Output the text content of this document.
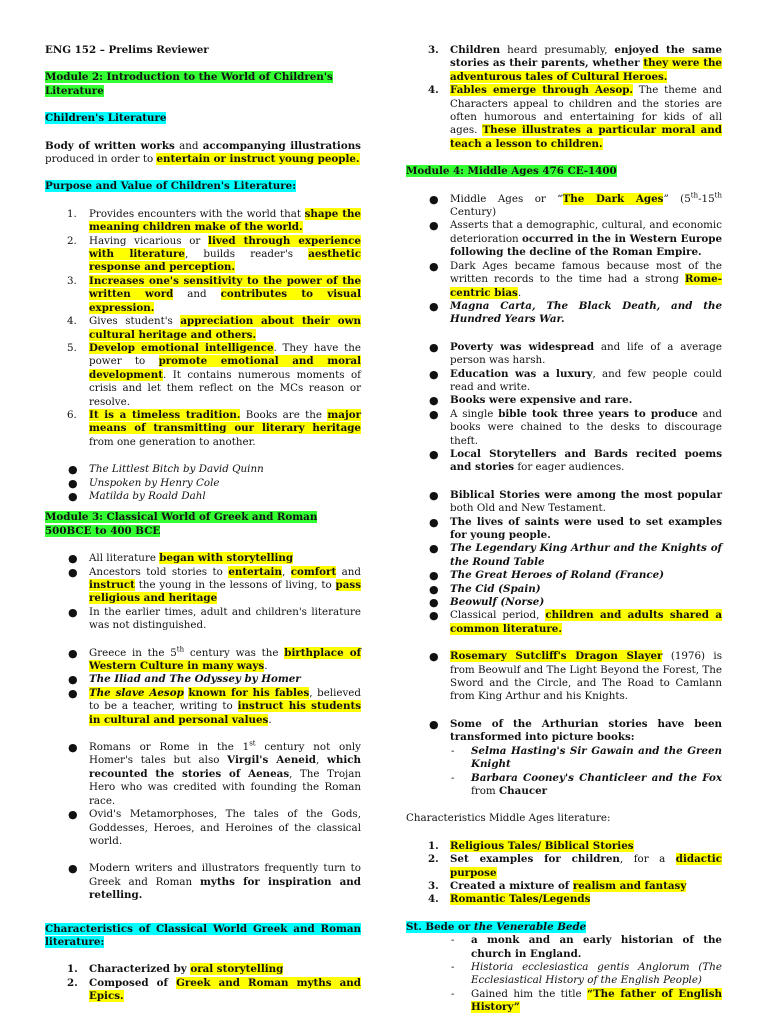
ENG 152 – Prelims Reviewer

Module 2: Introduction to the World of Children's Literature

Children's Literature

Body of written works and accompanying illustrations produced in order to entertain or instruct young people.

Purpose and Value of Children's Literature:

1. Provides encounters with the world that shape the meaning children make of the world.
2. Having vicarious or lived through experience with literature, builds reader's aesthetic response and perception.
3. Increases one's sensitivity to the power of the written word and contributes to visual expression.
4. Gives student's appreciation about their own cultural heritage and others.
5. Develop emotional intelligence. They have the power to promote emotional and moral development. It contains numerous moments of crisis and let them reflect on the MCs reason or resolve.
6. It is a timeless tradition. Books are the major means of transmitting our literary heritage from one generation to another.
● The Littlest Bitch by David Quinn
● Unspoken by Henry Cole
● Matilda by Roald Dahl

Module 3: Classical World of Greek and Roman 500BCE to 400 BCE

● All literature began with storytelling
● Ancestors told stories to entertain, comfort and instruct the young in the lessons of living, to pass religious and heritage
● In the earlier times, adult and children's literature was not distinguished.
● Greece in the 5th century was the birthplace of Western Culture in many ways.
● The Iliad and The Odyssey by Homer
● The slave Aesop known for his fables, believed to be a teacher, writing to instruct his students in cultural and personal values.
● Romans or Rome in the 1st century not only Homer's tales but also Virgil's Aeneid, which recounted the stories of Aeneas, The Trojan Hero who was credited with founding the Roman race.
● Ovid's Metamorphoses, The tales of the Gods, Goddesses, Heroes, and Heroines of the classical world.
● Modern writers and illustrators frequently turn to Greek and Roman myths for inspiration and retelling.

Characteristics of Classical World Greek and Roman literature:

1. Characterized by oral storytelling
2. Composed of Greek and Roman myths and Epics.
3. Children heard presumably, enjoyed the same stories as their parents, whether they were the adventurous tales of Cultural Heroes.
4. Fables emerge through Aesop. The theme and Characters appeal to children and the stories are often humorous and entertaining for kids of all ages. These illustrates a particular moral and teach a lesson to children.

Module 4: Middle Ages 476 CE-1400

● Middle Ages or “The Dark Ages” (5th-15th Century)
● Asserts that a demographic, cultural, and economic deterioration occurred in the in Western Europe following the decline of the Roman Empire.
● Dark Ages became famous because most of the written records to the time had a strong Rome-centric bias.
● Magna Carta, The Black Death, and the Hundred Years War.
● Poverty was widespread and life of a average person was harsh.
● Education was a luxury, and few people could read and write.
● Books were expensive and rare.
● A single bible took three years to produce and books were chained to the desks to discourage theft.
● Local Storytellers and Bards recited poems and stories for eager audiences.
● Biblical Stories were among the most popular both Old and New Testament.
● The lives of saints were used to set examples for young people.
● The Legendary King Arthur and the Knights of the Round Table
● The Great Heroes of Roland (France)
● The Cid (Spain)
● Beowulf (Norse)
● Classical period, children and adults shared a common literature.
● Rosemary Sutcliff's Dragon Slayer (1976) is from Beowulf and The Light Beyond the Forest, The Sword and the Circle, and The Road to Camlann from King Arthur and his Knights.
● Some of the Arthurian stories have been transformed into picture books:
- Selma Hasting's Sir Gawain and the Green Knight
- Barbara Cooney's Chanticleer and the Fox from Chaucer

Characteristics Middle Ages literature:

1. Religious Tales/ Biblical Stories
2. Set examples for children, for a didactic purpose
3. Created a mixture of realism and fantasy
4. Romantic Tales/Legends

St. Bede or the Venerable Bede

- a monk and an early historian of the church in England.
- Historia ecclesiastica gentis Anglorum (The Ecclesiastical History of the English People)
- Gained him the title “The father of English History”
